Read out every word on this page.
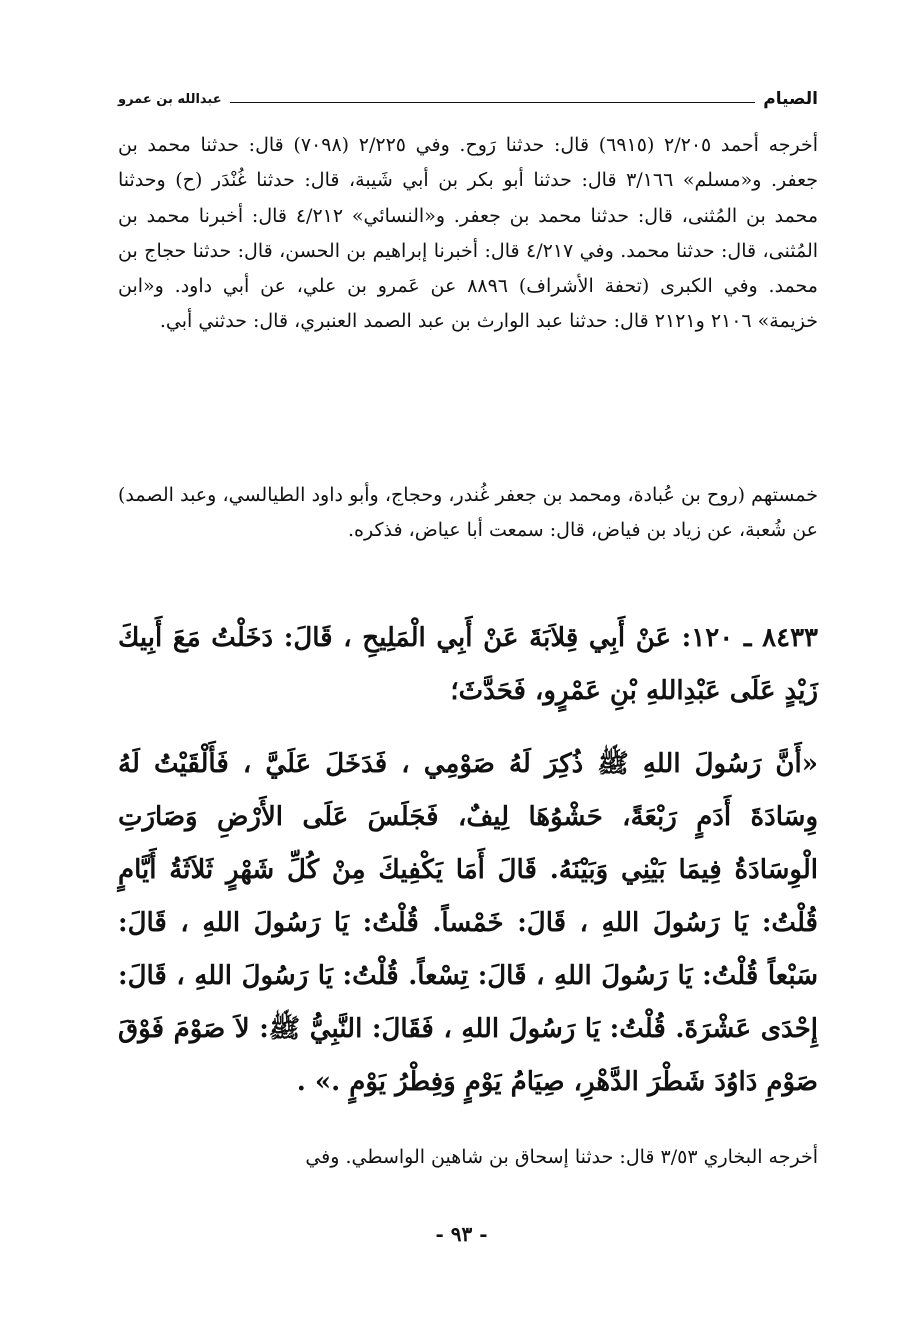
الصيام
عبدالله بن عمرو

أخرجه أحمد ٢/٢٠٥ (٦٩١٥) قال: حدثنا رَوح. وفي ٢/٢٢٥ (٧٠٩٨) قال: حدثنا محمد بن جعفر. و«مسلم» ٣/١٦٦ قال: حدثنا أبو بكر بن أبي شَيبة، قال: حدثنا غُنْدَر (ح) وحدثنا محمد بن المُثنى، قال: حدثنا محمد بن جعفر. و«النسائي» ٤/٢١٢ قال: أخبرنا محمد بن المُثنى، قال: حدثنا محمد. وفي ٤/٢١٧ قال: أخبرنا إبراهيم بن الحسن، قال: حدثنا حجاج بن محمد. وفي الكبرى (تحفة الأشراف) ٨٨٩٦ عن عَمرو بن علي، عن أبي داود. و«ابن خزيمة» ٢١٠٦ و٢١٢١ قال: حدثنا عبد الوارث بن عبد الصمد العنبري، قال: حدثني أبي.

خمستهم (روح بن عُبادة، ومحمد بن جعفر غُندر، وحجاج، وأبو داود الطيالسي، وعبد الصمد) عن شُعبة، عن زياد بن فياض، قال: سمعت أبا عياض، فذكره.

٨٤٣٣ ـ ١٢٠: عَنْ أَبِي قِلاَبَةَ عَنْ أَبِي الْمَلِيحِ ، قَالَ: دَخَلْتُ مَعَ أَبِيكَ زَيْدٍ عَلَى عَبْدِاللهِ بْنِ عَمْرٍو، فَحَدَّثَ؛

«أَنَّ رَسُولَ اللهِ ﷺ ذُكِرَ لَهُ صَوْمِي ، فَدَخَلَ عَلَيَّ ، فَأَلْقَيْتُ لَهُ وِسَادَةَ أَدَمٍ رَبْعَةً، حَشْوُهَا لِيفٌ، فَجَلَسَ عَلَى الأَرْضِ وَصَارَتِ الْوِسَادَةُ فِيمَا بَيْنِي وَبَيْنَهُ. قَالَ أَمَا يَكْفِيكَ مِنْ كُلِّ شَهْرٍ ثَلاَثَةُ أَيَّامٍ قُلْتُ: يَا رَسُولَ اللهِ ، قَالَ: خَمْساً. قُلْتُ: يَا رَسُولَ اللهِ ، قَالَ: سَبْعاً قُلْتُ: يَا رَسُولَ اللهِ ، قَالَ: تِسْعاً. قُلْتُ: يَا رَسُولَ اللهِ ، قَالَ: إِحْدَى عَشْرَةَ. قُلْتُ: يَا رَسُولَ اللهِ ، فَقَالَ: النَّبِيُّ ﷺ: لاَ صَوْمَ فَوْقَ صَوْمِ دَاوُدَ شَطْرَ الدَّهْرِ، صِيَامُ يَوْمٍ وَفِطْرُ يَوْمٍ .» .

أخرجه البخاري ٣/٥٣ قال: حدثنا إسحاق بن شاهين الواسطي. وفي

- ٩٣ -
